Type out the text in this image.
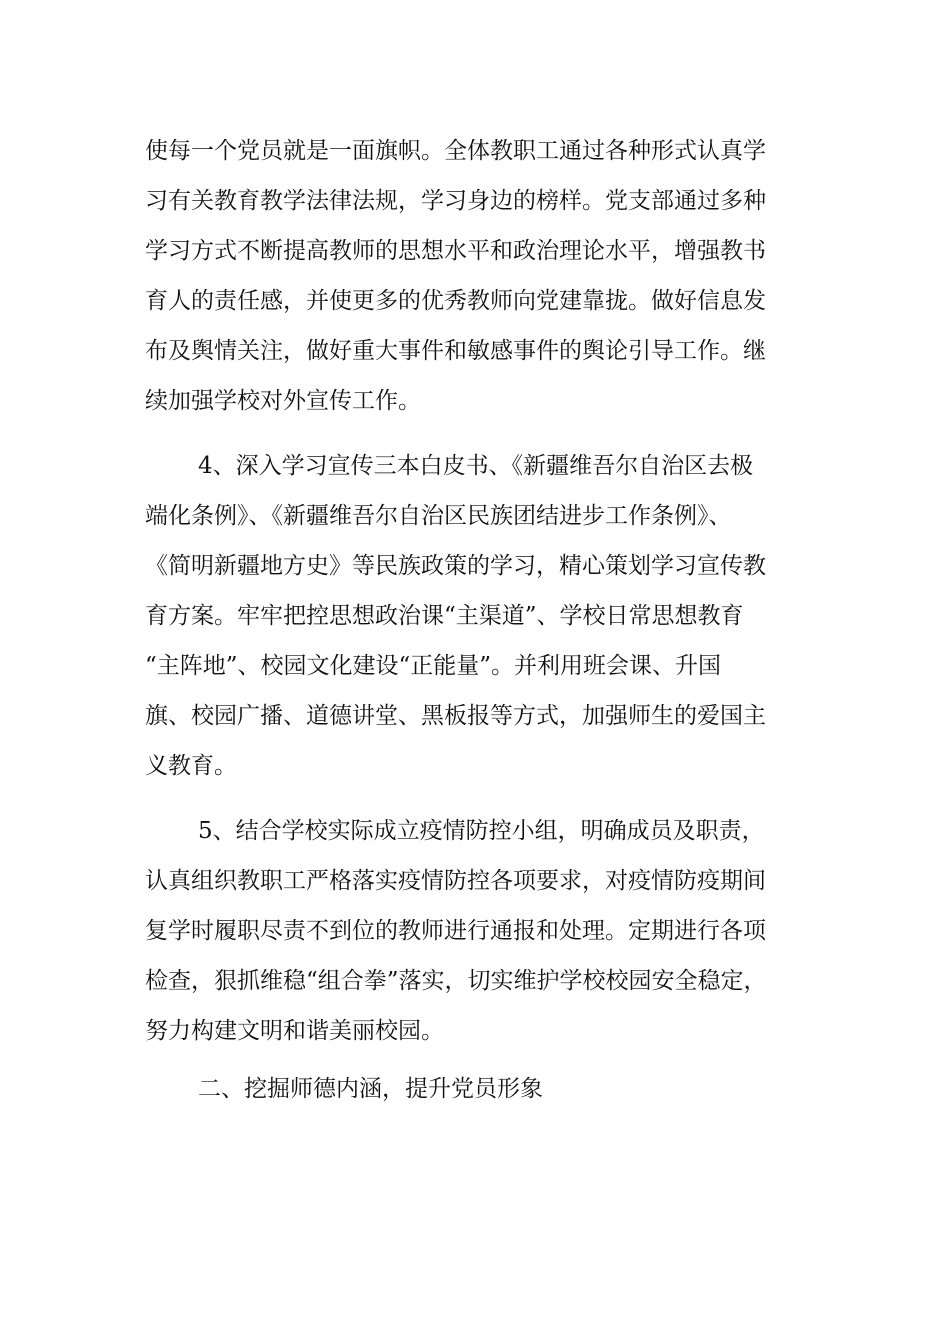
使每一个党员就是一面旗帜。全体教职工通过各种形式认真学
习有关教育教学法律法规，学习身边的榜样。党支部通过多种
学习方式不断提高教师的思想水平和政治理论水平，增强教书
育人的责任感，并使更多的优秀教师向党建靠拢。做好信息发
布及舆情关注，做好重大事件和敏感事件的舆论引导工作。继
续加强学校对外宣传工作。
4、深入学习宣传三本白皮书、《新疆维吾尔自治区去极
端化条例》、《新疆维吾尔自治区民族团结进步工作条例》、
《简明新疆地方史》等民族政策的学习，精心策划学习宣传教
育方案。牢牢把控思想政治课“主渠道”、学校日常思想教育
“主阵地”、校园文化建设“正能量”。并利用班会课、升国
旗、校园广播、道德讲堂、黑板报等方式，加强师生的爱国主
义教育。
5、结合学校实际成立疫情防控小组，明确成员及职责，
认真组织教职工严格落实疫情防控各项要求，对疫情防疫期间
复学时履职尽责不到位的教师进行通报和处理。定期进行各项
检查，狠抓维稳“组合拳”落实，切实维护学校校园安全稳定，
努力构建文明和谐美丽校园。
二、挖掘师德内涵，提升党员形象
